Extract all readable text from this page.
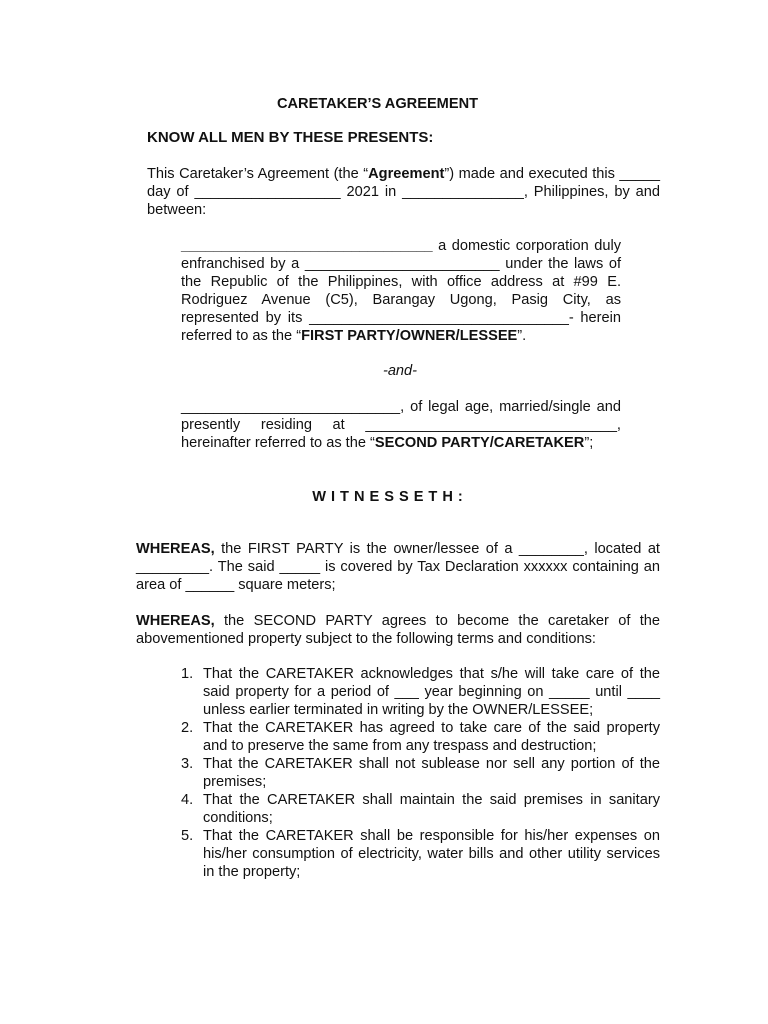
CARETAKER’S AGREEMENT

KNOW ALL MEN BY THESE PRESENTS:

This Caretaker’s Agreement (the “Agreement”) made and executed this _____ day of __________________ 2021 in _______________, Philippines, by and between:

_______________________________ a domestic corporation duly enfranchised by a ________________________ under the laws of the Republic of the Philippines, with office address at #99 E. Rodriguez Avenue (C5), Barangay Ugong, Pasig City, as represented by its ________________________________- herein referred to as the “FIRST PARTY/OWNER/LESSEE”.

-and-

___________________________, of legal age, married/single and presently residing at _______________________________, hereinafter referred to as the “SECOND PARTY/CARETAKER”;

WITNESSETH:

WHEREAS, the FIRST PARTY is the owner/lessee of a ________, located at _________. The said _____ is covered by Tax Declaration xxxxxx containing an area of ______ square meters;

WHEREAS, the SECOND PARTY agrees to become the caretaker of the abovementioned property subject to the following terms and conditions:

1. That the CARETAKER acknowledges that s/he will take care of the said property for a period of ___ year beginning on _____ until ____ unless earlier terminated in writing by the OWNER/LESSEE;
2. That the CARETAKER has agreed to take care of the said property and to preserve the same from any trespass and destruction;
3. That the CARETAKER shall not sublease nor sell any portion of the premises;
4. That the CARETAKER shall maintain the said premises in sanitary conditions;
5. That the CARETAKER shall be responsible for his/her expenses on his/her consumption of electricity, water bills and other utility services in the property;
